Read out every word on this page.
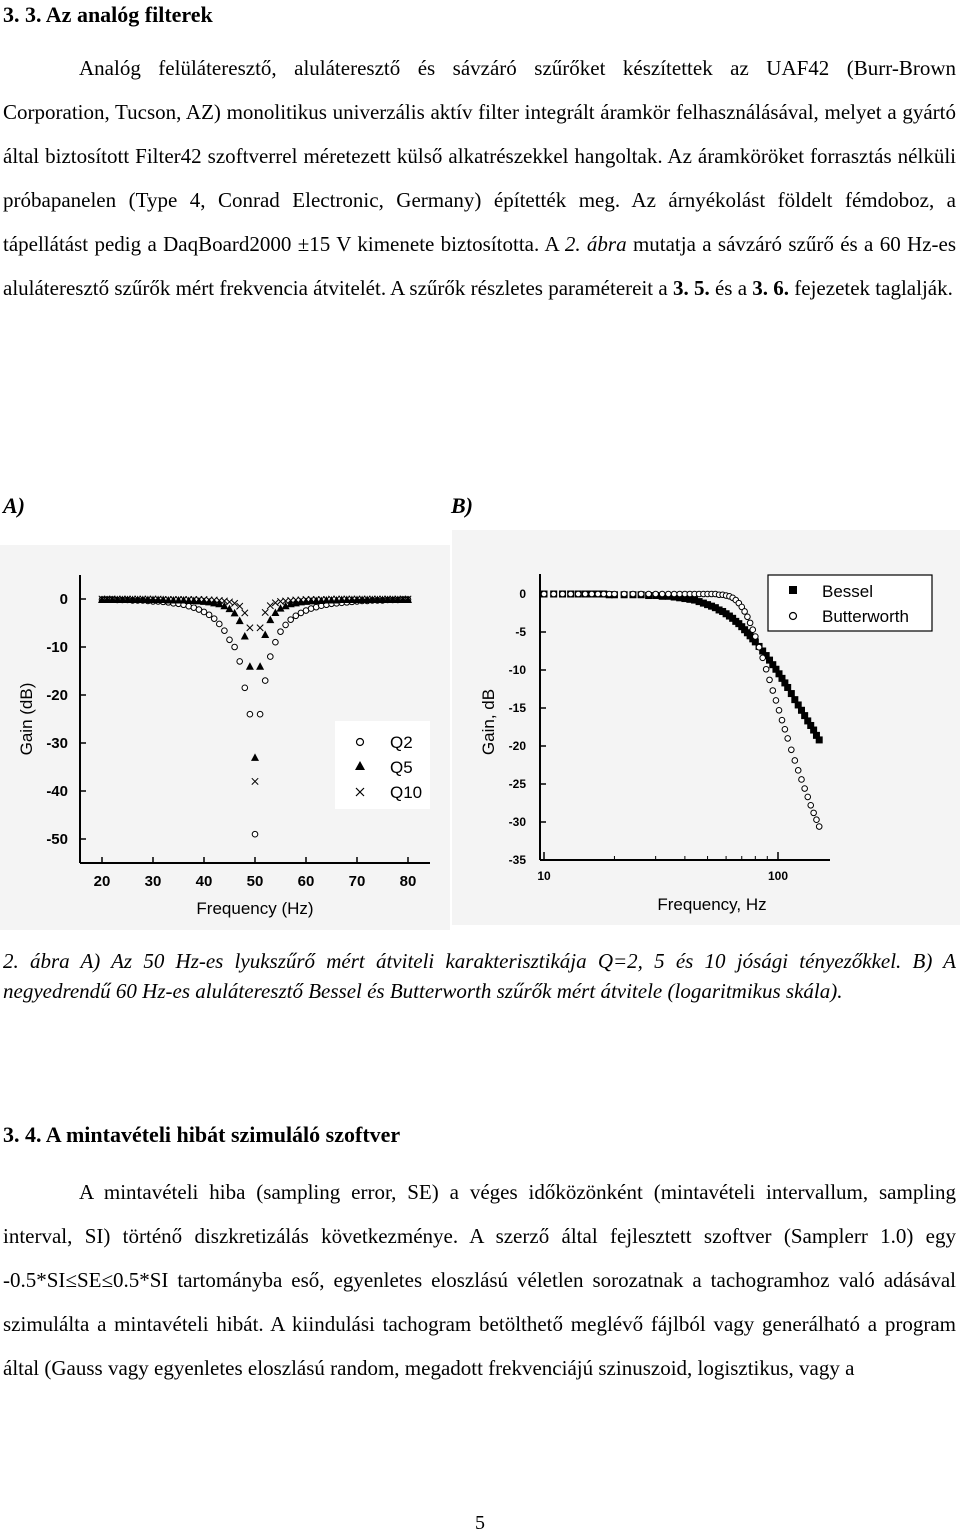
3. 3. Az analóg filterek
Analóg felüláteresztő, aluláteresztő és sávzáró szűrőket készítettek az UAF42 (Burr-Brown Corporation, Tucson, AZ) monolitikus univerzális aktív filter integrált áramkör felhasználásával, melyet a gyártó által biztosított Filter42 szoftverrel méretezett külső alkatrészekkel hangoltak. Az áramköröket forrasztás nélküli próbapanelen (Type 4, Conrad Electronic, Germany) építették meg. Az árnyékolást földelt fémdoboz, a tápellátást pedig a DaqBoard2000 ±15 V kimenete biztosította. A 2. ábra mutatja a sávzáró szűrő és a 60 Hz-es aluláteresztő szűrők mért frekvencia átvitelét. A szűrők részletes paramétereit a 3. 5. és a 3. 6. fejezetek taglalják.
A)	B)
0
-10
-20
-30
-40
-50
20 30 40 50 60 70 80
Frequency (Hz)
Gain (dB)	Q2
Q5
Q10
0
-5
-10
-15
-20
-25
-30
-35
10	100
Frequency, Hz
Gain, dB
Bessel
Butterworth
2. ábra A) Az 50 Hz-es lyukszűrő mért átviteli karakterisztikája Q=2, 5 és 10 jósági tényezőkkel. B) A negyedrendű 60 Hz-es aluláteresztő Bessel és Butterworth szűrők mért átvitele (logaritmikus skála).
3. 4. A mintavételi hibát szimuláló szoftver
A mintavételi hiba (sampling error, SE) a véges időközönként (mintavételi intervallum, sampling interval, SI) történő diszkretizálás következménye. A szerző által fejlesztett szoftver (Samplerr 1.0) egy -0.5*SI≤SE≤0.5*SI tartományba eső, egyenletes eloszlású véletlen sorozatnak a tachogramhoz való adásával szimulálta a mintavételi hibát. A kiindulási tachogram betölthető meglévő fájlból vagy generálható a program által (Gauss vagy egyenletes eloszlású random, megadott frekvenciájú szinuszoid, logisztikus, vagy a
5
